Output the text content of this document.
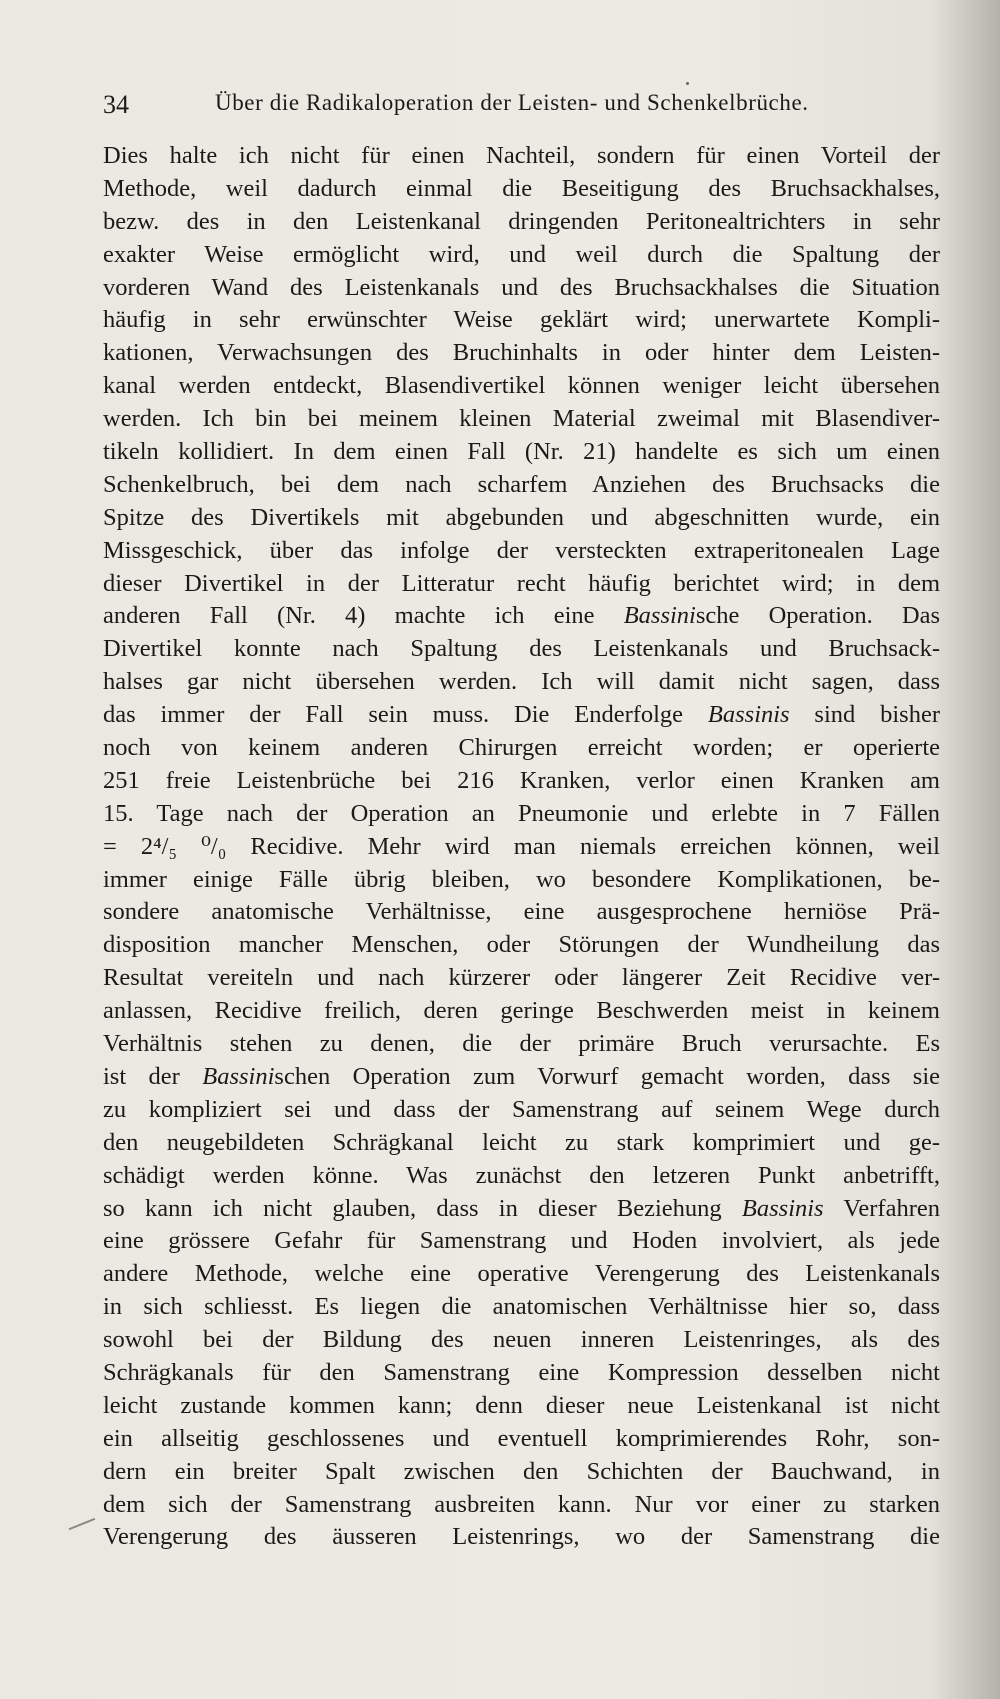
34	Über die Radikaloperation der Leisten- und Schenkelbrüche.
Dies halte ich nicht für einen Nachteil, sondern für einen Vorteil der
Methode, weil dadurch einmal die Beseitigung des Bruchsackhalses,
bezw. des in den Leistenkanal dringenden Peritonealtrichters in sehr
exakter Weise ermöglicht wird, und weil durch die Spaltung der
vorderen Wand des Leistenkanals und des Bruchsackhalses die Situation
häufig in sehr erwünschter Weise geklärt wird; unerwartete Kompli-
kationen, Verwachsungen des Bruchinhalts in oder hinter dem Leisten-
kanal werden entdeckt, Blasendivertikel können weniger leicht übersehen
werden. Ich bin bei meinem kleinen Material zweimal mit Blasendiver-
tikeln kollidiert. In dem einen Fall (Nr. 21) handelte es sich um einen
Schenkelbruch, bei dem nach scharfem Anziehen des Bruchsacks die
Spitze des Divertikels mit abgebunden und abgeschnitten wurde, ein
Missgeschick, über das infolge der versteckten extraperitonealen Lage
dieser Divertikel in der Litteratur recht häufig berichtet wird; in dem
anderen Fall (Nr. 4) machte ich eine Bassinische Operation. Das
Divertikel konnte nach Spaltung des Leistenkanals und Bruchsack-
halses gar nicht übersehen werden. Ich will damit nicht sagen, dass
das immer der Fall sein muss. Die Enderfolge Bassinis sind bisher
noch von keinem anderen Chirurgen erreicht worden; er operierte
251 freie Leistenbrüche bei 216 Kranken, verlor einen Kranken am
15. Tage nach der Operation an Pneumonie und erlebte in 7 Fällen
= 2⁴/₅ ⁰/₀ Recidive. Mehr wird man niemals erreichen können, weil
immer einige Fälle übrig bleiben, wo besondere Komplikationen, be-
sondere anatomische Verhältnisse, eine ausgesprochene herniöse Prä-
disposition mancher Menschen, oder Störungen der Wundheilung das
Resultat vereiteln und nach kürzerer oder längerer Zeit Recidive ver-
anlassen, Recidive freilich, deren geringe Beschwerden meist in keinem
Verhältnis stehen zu denen, die der primäre Bruch verursachte. Es
ist der Bassinischen Operation zum Vorwurf gemacht worden, dass sie
zu kompliziert sei und dass der Samenstrang auf seinem Wege durch
den neugebildeten Schrägkanal leicht zu stark komprimiert und ge-
schädigt werden könne. Was zunächst den letzeren Punkt anbetrifft,
so kann ich nicht glauben, dass in dieser Beziehung Bassinis Verfahren
eine grössere Gefahr für Samenstrang und Hoden involviert, als jede
andere Methode, welche eine operative Verengerung des Leistenkanals
in sich schliesst. Es liegen die anatomischen Verhältnisse hier so, dass
sowohl bei der Bildung des neuen inneren Leistenringes, als des
Schrägkanals für den Samenstrang eine Kompression desselben nicht
leicht zustande kommen kann; denn dieser neue Leistenkanal ist nicht
ein allseitig geschlossenes und eventuell komprimierendes Rohr, son-
dern ein breiter Spalt zwischen den Schichten der Bauchwand, in
dem sich der Samenstrang ausbreiten kann. Nur vor einer zu starken
Verengerung des äusseren Leistenrings, wo der Samenstrang die
